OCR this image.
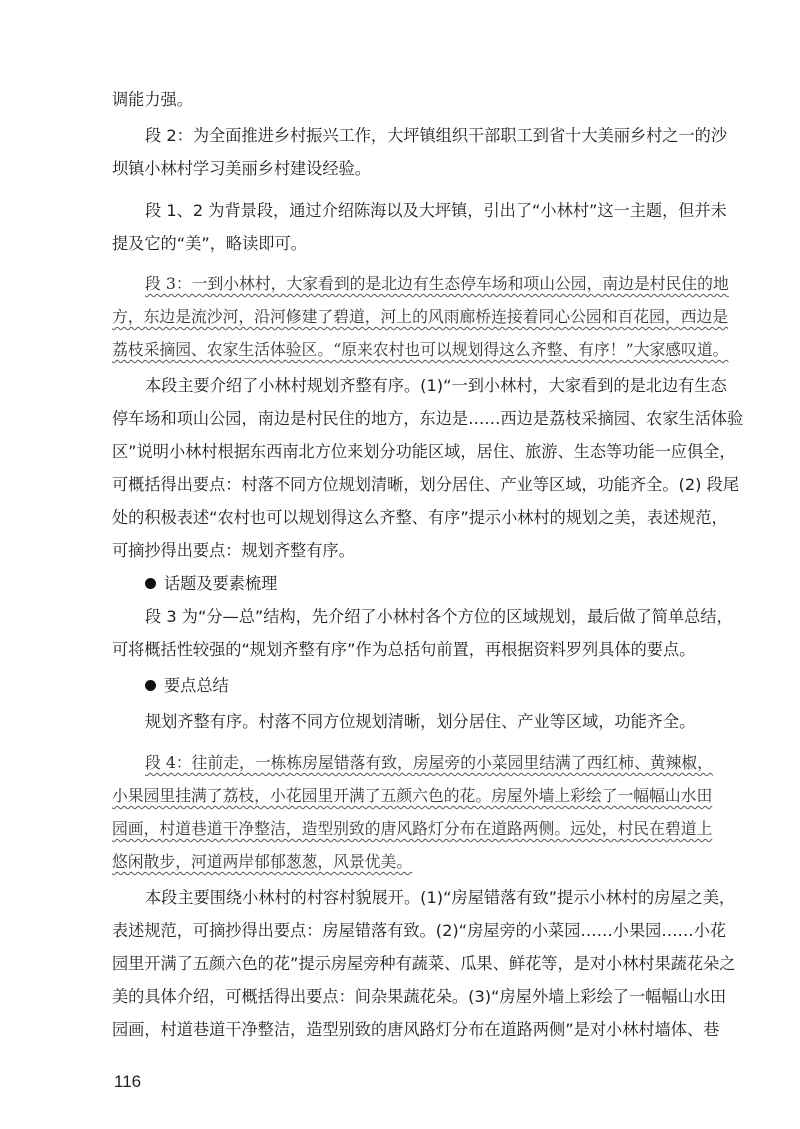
调能力强。
段 2：为全面推进乡村振兴工作，大坪镇组织干部职工到省十大美丽乡村之一的沙
坝镇小林村学习美丽乡村建设经验。
段 1、2 为背景段，通过介绍陈海以及大坪镇，引出了“小林村”这一主题，但并未
提及它的“美”，略读即可。
段 3：一到小林村，大家看到的是北边有生态停车场和项山公园，南边是村民住的地
方，东边是流沙河，沿河修建了碧道，河上的风雨廊桥连接着同心公园和百花园，西边是
荔枝采摘园、农家生活体验区。“原来农村也可以规划得这么齐整、有序！”大家感叹道。
本段主要介绍了小林村规划齐整有序。(1)“一到小林村，大家看到的是北边有生态
停车场和项山公园，南边是村民住的地方，东边是……西边是荔枝采摘园、农家生活体验
区”说明小林村根据东西南北方位来划分功能区域，居住、旅游、生态等功能一应俱全，
可概括得出要点：村落不同方位规划清晰，划分居住、产业等区域，功能齐全。(2) 段尾
处的积极表述“农村也可以规划得这么齐整、有序”提示小林村的规划之美，表述规范，
可摘抄得出要点：规划齐整有序。
话题及要素梳理
段 3 为“分—总”结构，先介绍了小林村各个方位的区域规划，最后做了简单总结，
可将概括性较强的“规划齐整有序”作为总括句前置，再根据资料罗列具体的要点。
要点总结
规划齐整有序。村落不同方位规划清晰，划分居住、产业等区域，功能齐全。
段 4：往前走，一栋栋房屋错落有致，房屋旁的小菜园里结满了西红柿、黄辣椒，
小果园里挂满了荔枝，小花园里开满了五颜六色的花。房屋外墙上彩绘了一幅幅山水田
园画，村道巷道干净整洁，造型别致的唐风路灯分布在道路两侧。远处，村民在碧道上
悠闲散步，河道两岸郁郁葱葱，风景优美。
本段主要围绕小林村的村容村貌展开。(1)“房屋错落有致”提示小林村的房屋之美，
表述规范，可摘抄得出要点：房屋错落有致。(2)“房屋旁的小菜园……小果园……小花
园里开满了五颜六色的花”提示房屋旁种有蔬菜、瓜果、鲜花等，是对小林村果蔬花朵之
美的具体介绍，可概括得出要点：间杂果蔬花朵。(3)“房屋外墙上彩绘了一幅幅山水田
园画，村道巷道干净整洁，造型别致的唐风路灯分布在道路两侧”是对小林村墙体、巷
116
